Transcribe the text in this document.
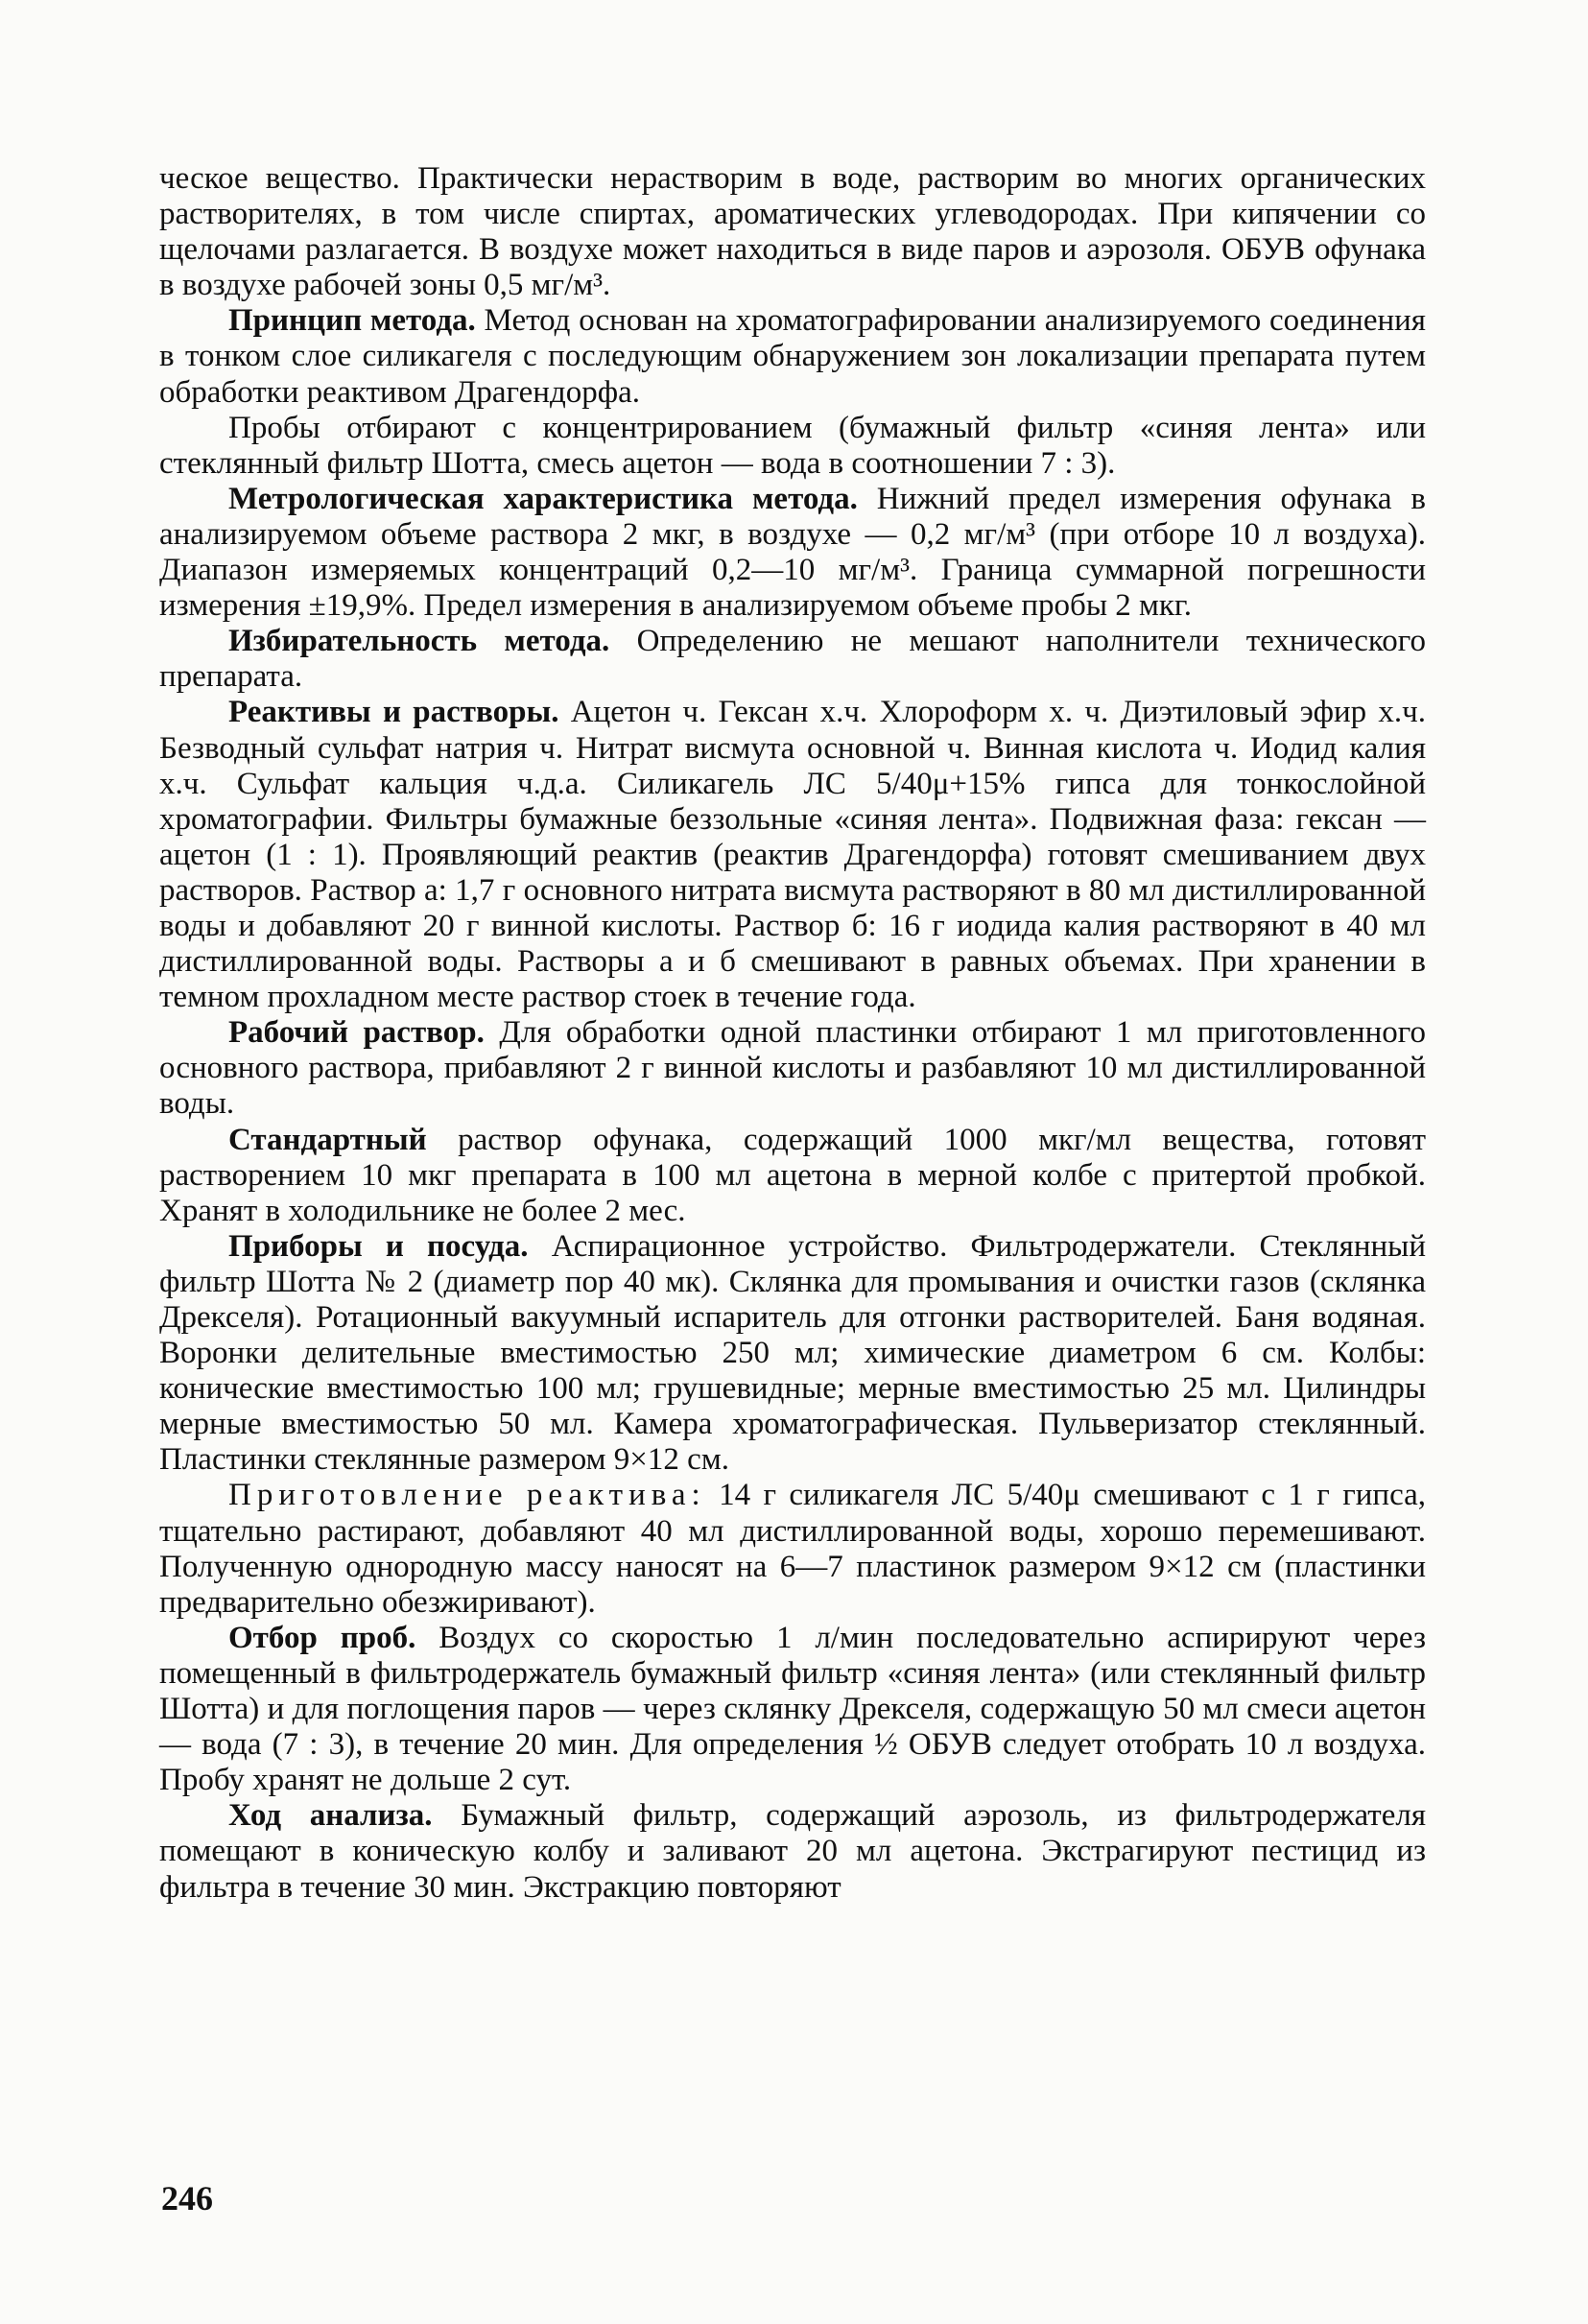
ческое вещество. Практически нерастворим в воде, растворим во многих органических растворителях, в том числе спиртах, ароматических углеводородах. При кипячении со щелочами разлагается. В воздухе может находиться в виде паров и аэрозоля. ОБУВ офунака в воздухе рабочей зоны 0,5 мг/м³.

Принцип метода. Метод основан на хроматографировании анализируемого соединения в тонком слое силикагеля с последующим обнаружением зон локализации препарата путем обработки реактивом Драгендорфа.

Пробы отбирают с концентрированием (бумажный фильтр «синяя лента» или стеклянный фильтр Шотта, смесь ацетон — вода в соотношении 7 : 3).

Метрологическая характеристика метода. Нижний предел измерения офунака в анализируемом объеме раствора 2 мкг, в воздухе — 0,2 мг/м³ (при отборе 10 л воздуха). Диапазон измеряемых концентраций 0,2—10 мг/м³. Граница суммарной погрешности измерения ±19,9%. Предел измерения в анализируемом объеме пробы 2 мкг.

Избирательность метода. Определению не мешают наполнители технического препарата.

Реактивы и растворы. Ацетон ч. Гексан х.ч. Хлороформ х. ч. Диэтиловый эфир х.ч. Безводный сульфат натрия ч. Нитрат висмута основной ч. Винная кислота ч. Иодид калия х.ч. Сульфат кальция ч.д.а. Силикагель ЛС 5/40μ+15% гипса для тонкослойной хроматографии. Фильтры бумажные беззольные «синяя лента». Подвижная фаза: гексан — ацетон (1 : 1). Проявляющий реактив (реактив Драгендорфа) готовят смешиванием двух растворов. Раствор а: 1,7 г основного нитрата висмута растворяют в 80 мл дистиллированной воды и добавляют 20 г винной кислоты. Раствор б: 16 г иодида калия растворяют в 40 мл дистиллированной воды. Растворы а и б смешивают в равных объемах. При хранении в темном прохладном месте раствор стоек в течение года.

Рабочий раствор. Для обработки одной пластинки отбирают 1 мл приготовленного основного раствора, прибавляют 2 г винной кислоты и разбавляют 10 мл дистиллированной воды.

Стандартный раствор офунака, содержащий 1000 мкг/мл вещества, готовят растворением 10 мкг препарата в 100 мл ацетона в мерной колбе с притертой пробкой. Хранят в холодильнике не более 2 мес.

Приборы и посуда. Аспирационное устройство. Фильтродержатели. Стеклянный фильтр Шотта № 2 (диаметр пор 40 мк). Склянка для промывания и очистки газов (склянка Дрекселя). Ротационный вакуумный испаритель для отгонки растворителей. Баня водяная. Воронки делительные вместимостью 250 мл; химические диаметром 6 см. Колбы: конические вместимостью 100 мл; грушевидные; мерные вместимостью 25 мл. Цилиндры мерные вместимостью 50 мл. Камера хроматографическая. Пульверизатор стеклянный. Пластинки стеклянные размером 9×12 см.

Приготовление реактива: 14 г силикагеля ЛС 5/40μ смешивают с 1 г гипса, тщательно растирают, добавляют 40 мл дистиллированной воды, хорошо перемешивают. Полученную однородную массу наносят на 6—7 пластинок размером 9×12 см (пластинки предварительно обезжиривают).

Отбор проб. Воздух со скоростью 1 л/мин последовательно аспирируют через помещенный в фильтродержатель бумажный фильтр «синяя лента» (или стеклянный фильтр Шотта) и для поглощения паров — через склянку Дрекселя, содержащую 50 мл смеси ацетон — вода (7 : 3), в течение 20 мин. Для определения ½ ОБУВ следует отобрать 10 л воздуха. Пробу хранят не дольше 2 сут.

Ход анализа. Бумажный фильтр, содержащий аэрозоль, из фильтродержателя помещают в коническую колбу и заливают 20 мл ацетона. Экстрагируют пестицид из фильтра в течение 30 мин. Экстракцию повторяют

246
